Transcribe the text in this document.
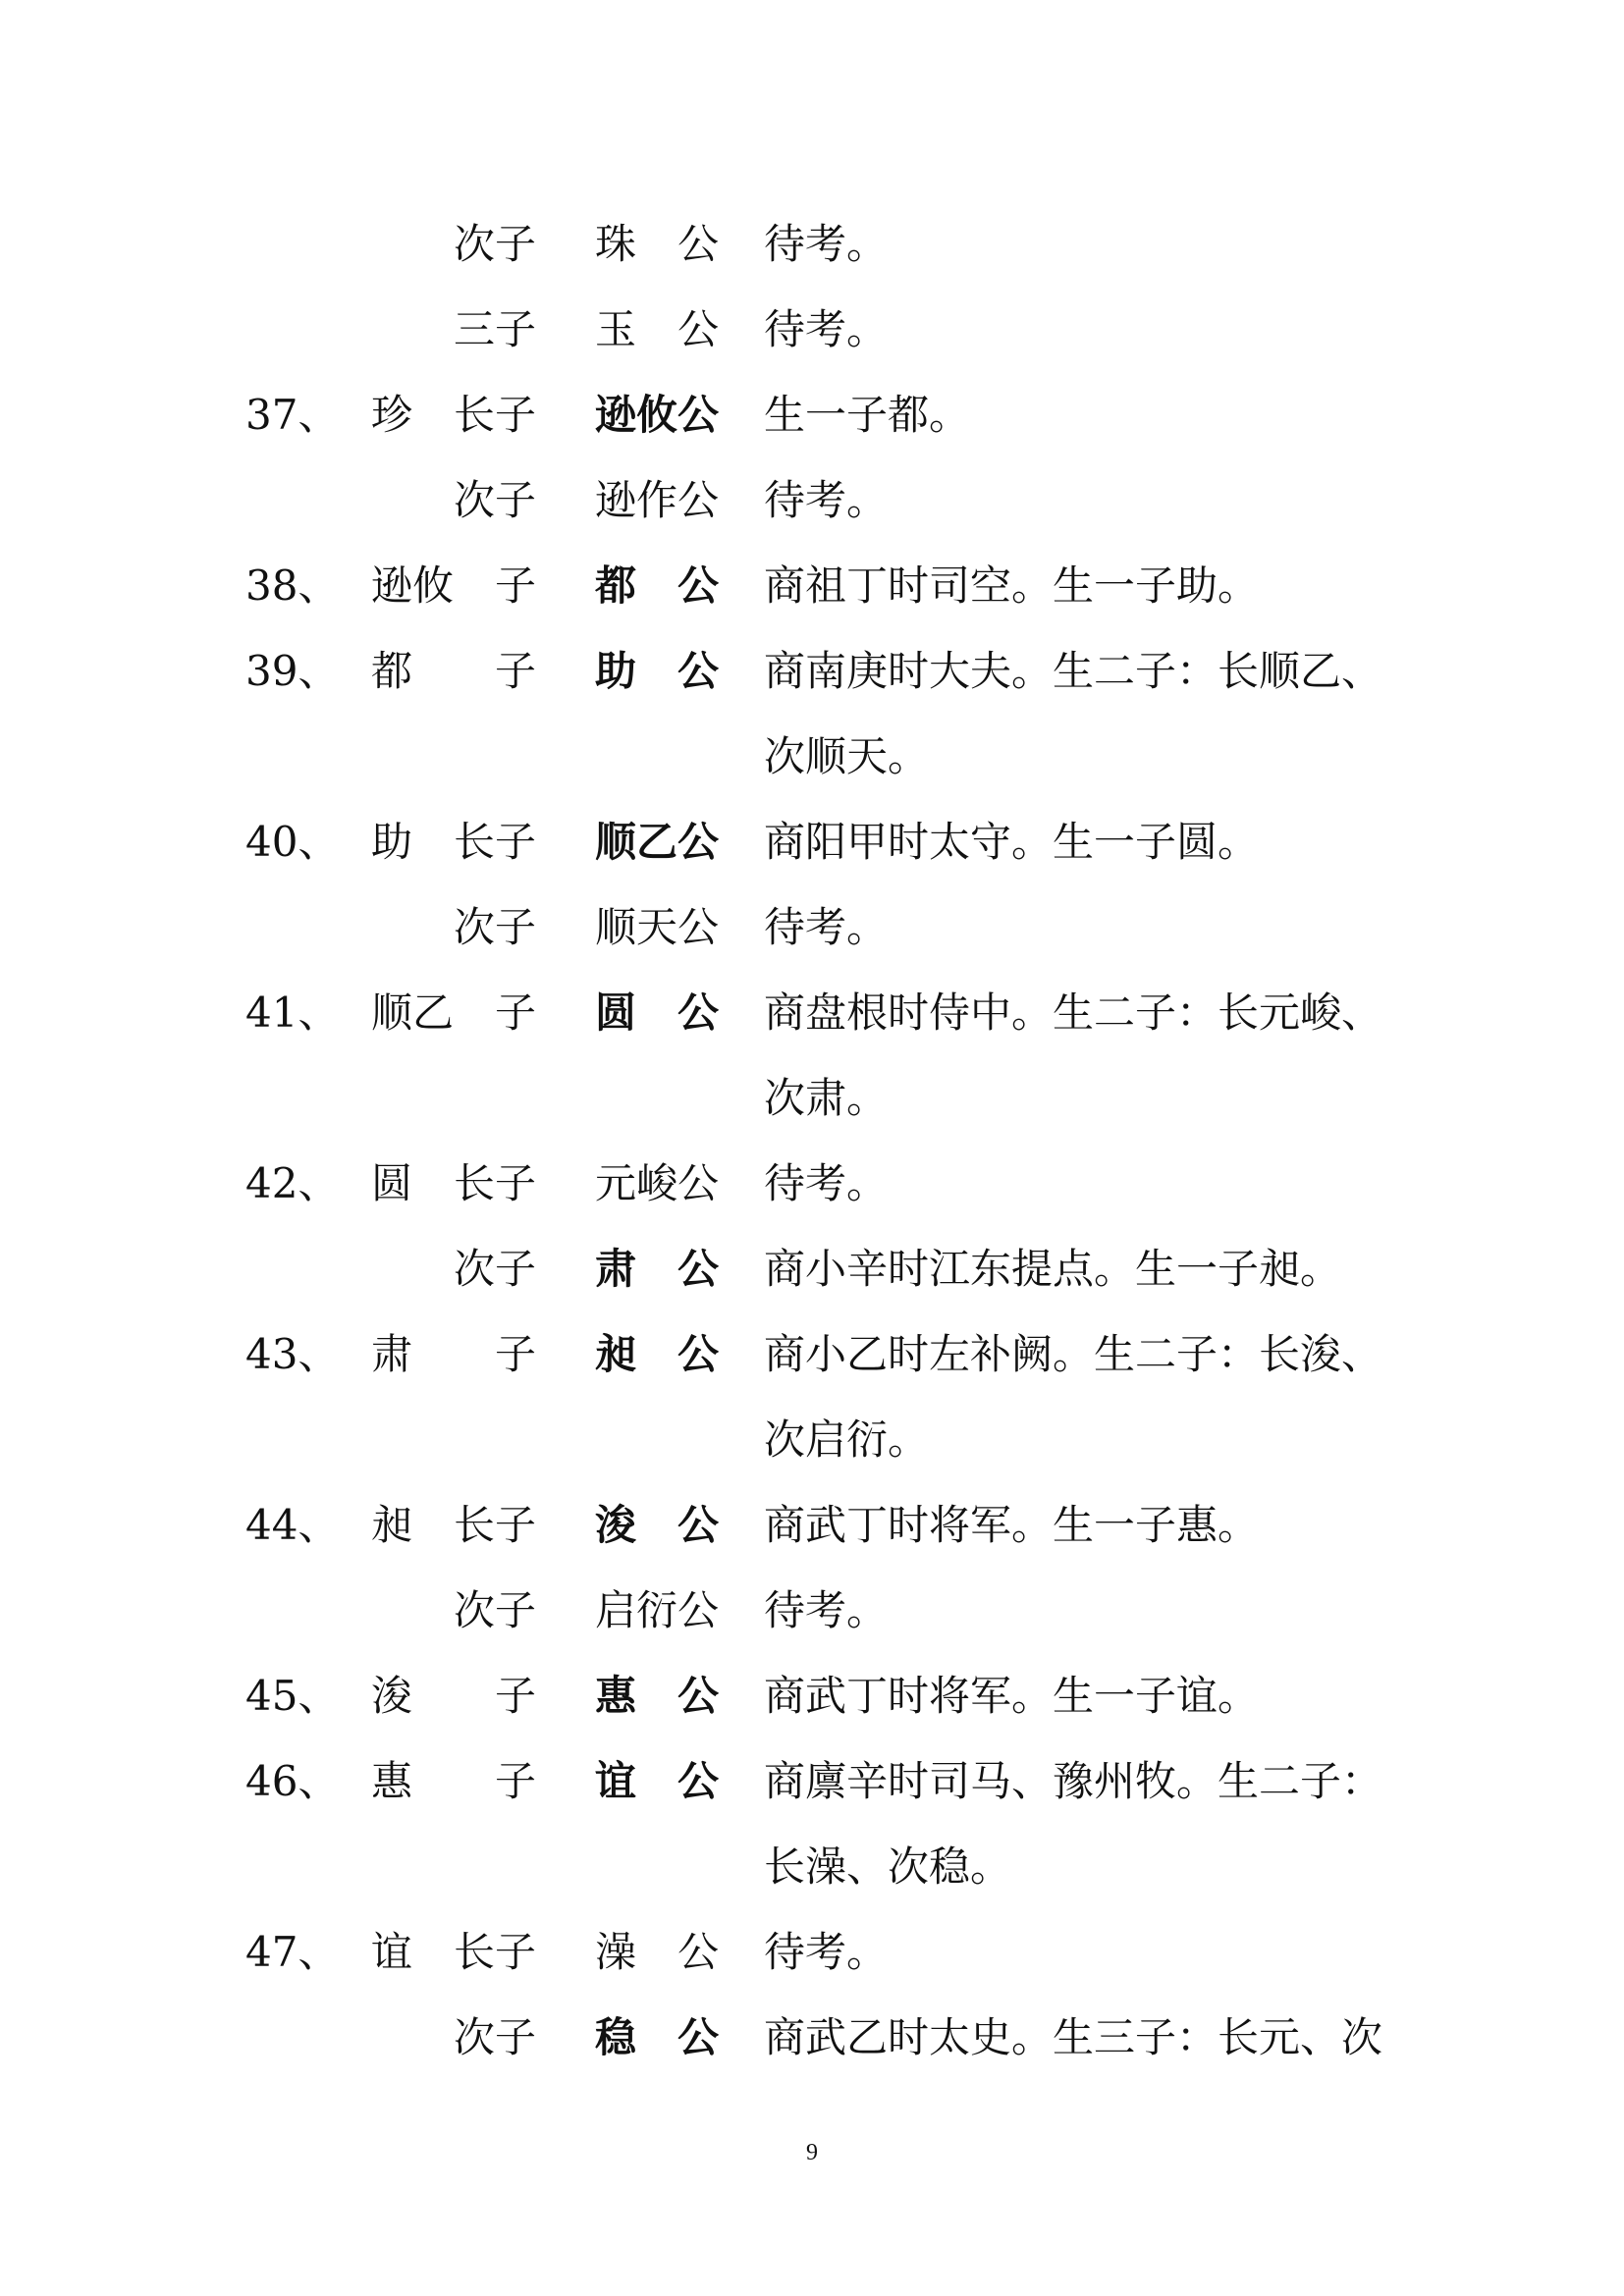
次子 珠　公 待考。
三子 玉　公 待考。
37、 珍 长子 逊攸公 生一子都。
次子 逊作公 待考。
38、 逊攸 　子 都　公 商祖丁时司空。生一子助。
39、 都 　子 助　公 商南庚时大夫。生二子：长顺乙、
次顺天。
40、 助 长子 顺乙公 商阳甲时太守。生一子圆。
次子 顺天公 待考。
41、 顺乙 　子 圆　公 商盘根时侍中。生二子：长元峻、
次肃。
42、 圆 长子 元峻公 待考。
次子 肃　公 商小辛时江东提点。生一子昶。
43、 肃 　子 昶　公 商小乙时左补阙。生二子：长浚、
次启衍。
44、 昶 长子 浚　公 商武丁时将军。生一子惠。
次子 启衍公 待考。
45、 浚 　子 惠　公 商武丁时将军。生一子谊。
46、 惠 　子 谊　公 商廪辛时司马、豫州牧。生二子：
长澡、次稳。
47、 谊 长子 澡　公 待考。
次子 稳　公 商武乙时太史。生三子：长元、次
9
